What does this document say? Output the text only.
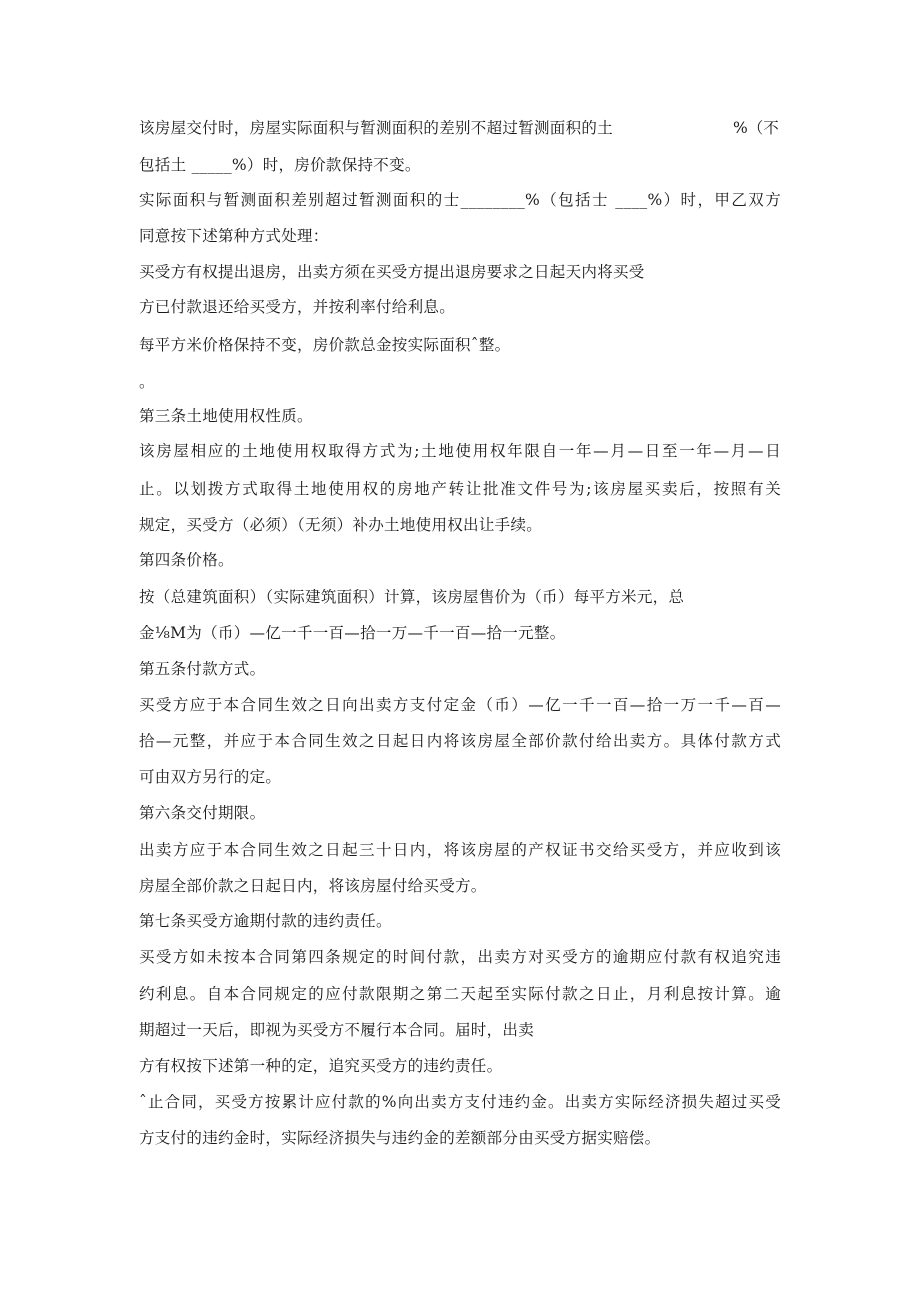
该房屋交付时，房屋实际面积与暂测面积的差别不超过暂测面积的土	%（不
包括土 _____%）时，房价款保持不变。
实际面积与暂测面积差别超过暂测面积的士________%（包括士 ____%）时，甲乙双方
同意按下述第种方式处理：
买受方有权提出退房，出卖方须在买受方提出退房要求之日起天内将买受
方已付款退还给买受方，并按利率付给利息。
每平方米价格保持不变，房价款总金按实际面积ˆ整。
。
第三条土地使用权性质。
该房屋相应的土地使用权取得方式为;土地使用权年限自一年—月—日至一年—月—日
止。以划拨方式取得土地使用权的房地产转让批准文件号为;该房屋买卖后，按照有关
规定，买受方（必须）（无须）补办土地使用权出让手续。
第四条价格。
按（总建筑面积）（实际建筑面积）计算，该房屋售价为（币）每平方米元，总
金⅛M为（币）—亿一千一百—拾一万—千一百—拾一元整。
第五条付款方式。
买受方应于本合同生效之日向出卖方支付定金（币）—亿一千一百—拾一万一千—百—
拾—元整，并应于本合同生效之日起日内将该房屋全部价款付给出卖方。具体付款方式
可由双方另行的定。
第六条交付期限。
出卖方应于本合同生效之日起三十日内，将该房屋的产权证书交给买受方，并应收到该
房屋全部价款之日起日内，将该房屋付给买受方。
第七条买受方逾期付款的违约责任。
买受方如未按本合同第四条规定的时间付款，出卖方对买受方的逾期应付款有权追究违
约利息。自本合同规定的应付款限期之第二天起至实际付款之日止，月利息按计算。逾
期超过一天后，即视为买受方不履行本合同。届时，出卖
方有权按下述第一种的定，追究买受方的违约责任。
ˆ止合同，买受方按累计应付款的%向出卖方支付违约金。出卖方实际经济损失超过买受
方支付的违约金时，实际经济损失与违约金的差额部分由买受方据实赔偿。
